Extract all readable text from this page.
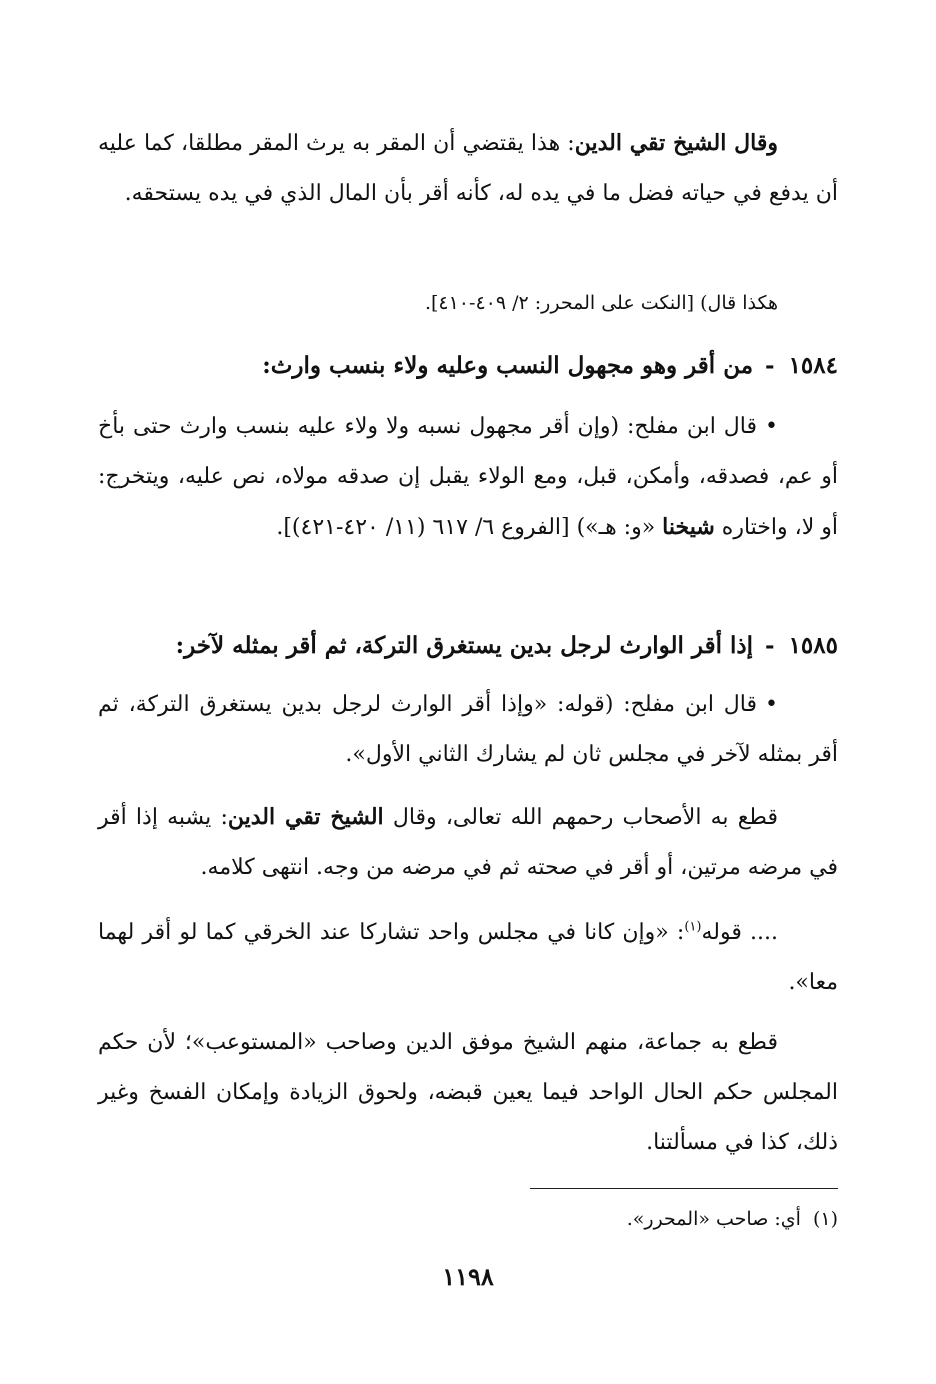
وقال الشيخ تقي الدين: هذا يقتضي أن المقر به يرث المقر مطلقا، كما عليه أن يدفع في حياته فضل ما في يده له، كأنه أقر بأن المال الذي في يده يستحقه.

هكذا قال) [النكت على المحرر: ٢/ ٤٠٩-٤١٠].

١٥٨٤-من أقر وهو مجهول النسب وعليه ولاء بنسب وارث:

•قال ابن مفلح: (وإن أقر مجهول نسبه ولا ولاء عليه بنسب وارث حتى بأخ أو عم، فصدقه، وأمكن، قبل، ومع الولاء يقبل إن صدقه مولاه، نص عليه، ويتخرج: أو لا، واختاره شيخنا «و: هـ») [الفروع ٦/ ٦١٧ (١١/ ٤٢٠-٤٢١)].

١٥٨٥-إذا أقر الوارث لرجل بدين يستغرق التركة، ثم أقر بمثله لآخر:

•قال ابن مفلح: (قوله: «وإذا أقر الوارث لرجل بدين يستغرق التركة، ثم أقر بمثله لآخر في مجلس ثان لم يشارك الثاني الأول».

قطع به الأصحاب رحمهم الله تعالى، وقال الشيخ تقي الدين: يشبه إذا أقر في مرضه مرتين، أو أقر في صحته ثم في مرضه من وجه. انتهى كلامه.

.... قوله$^{(١)}$: «وإن كانا في مجلس واحد تشاركا عند الخرقي كما لو أقر لهما معا».

قطع به جماعة، منهم الشيخ موفق الدين وصاحب «المستوعب»؛ لأن حكم المجلس حكم الحال الواحد فيما يعين قبضه، ولحوق الزيادة وإمكان الفسخ وغير ذلك، كذا في مسألتنا.

(١)أي: صاحب «المحرر».

١١٩٨
